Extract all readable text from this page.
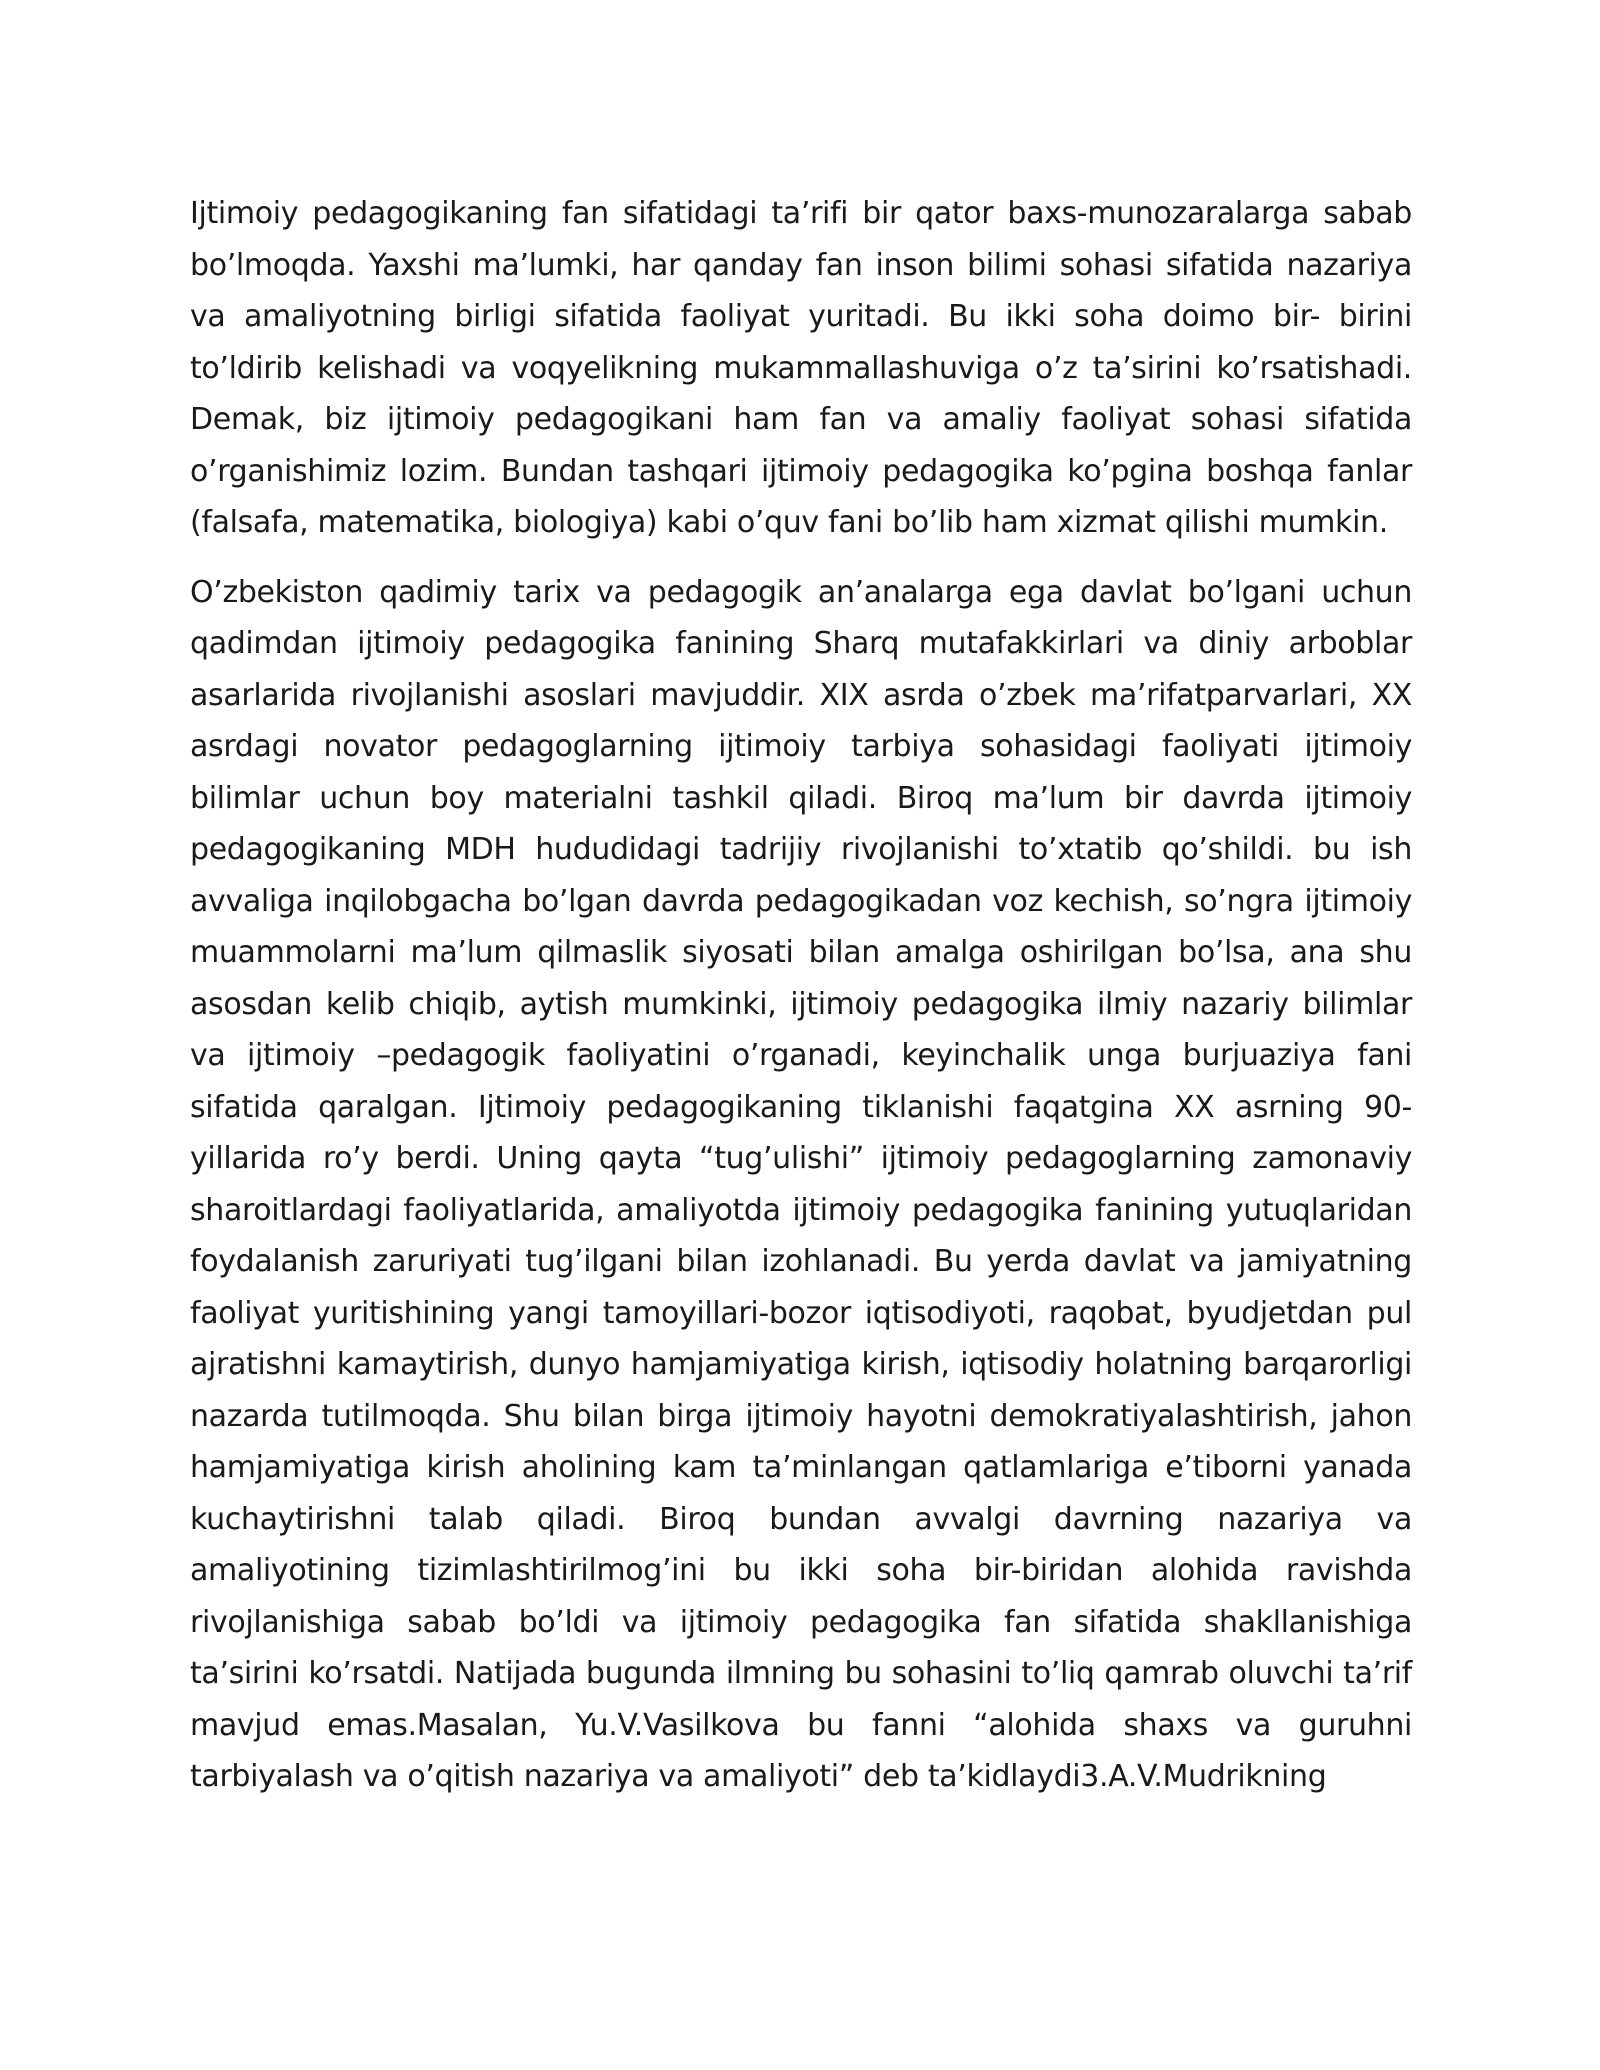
Ijtimoiy pedagogikaning fan sifatidagi ta’rifi bir qator baxs-munozaralarga sabab bo’lmoqda. Yaxshi ma’lumki, har qanday fan inson bilimi sohasi sifatida nazariya va amaliyotning birligi sifatida faoliyat yuritadi. Bu ikki soha doimo bir- birini to’ldirib kelishadi va voqyelikning mukammallashuviga o’z ta’sirini ko’rsatishadi. Demak, biz ijtimoiy pedagogikani ham fan va amaliy faoliyat sohasi sifatida o’rganishimiz lozim. Bundan tashqari ijtimoiy pedagogika ko’pgina boshqa fanlar (falsafa, matematika, biologiya) kabi o’quv fani bo’lib ham xizmat qilishi mumkin.

O’zbekiston qadimiy tarix va pedagogik an’analarga ega davlat bo’lgani uchun qadimdan ijtimoiy pedagogika fanining Sharq mutafakkirlari va diniy arboblar asarlarida rivojlanishi asoslari mavjuddir. XIX asrda o’zbek ma’rifatparvarlari, XX asrdagi novator pedagoglarning ijtimoiy tarbiya sohasidagi faoliyati ijtimoiy bilimlar uchun boy materialni tashkil qiladi. Biroq ma’lum bir davrda ijtimoiy pedagogikaning MDH hududidagi tadrijiy rivojlanishi to’xtatib qo’shildi. bu ish avvaliga inqilobgacha bo’lgan davrda pedagogikadan voz kechish, so’ngra ijtimoiy muammolarni ma’lum qilmaslik siyosati bilan amalga oshirilgan bo’lsa, ana shu asosdan kelib chiqib, aytish mumkinki, ijtimoiy pedagogika ilmiy nazariy bilimlar va ijtimoiy –pedagogik faoliyatini o’rganadi, keyinchalik unga burjuaziya fani sifatida qaralgan. Ijtimoiy pedagogikaning tiklanishi faqatgina XX asrning 90-yillarida ro’y berdi. Uning qayta “tug’ulishi” ijtimoiy pedagoglarning zamonaviy sharoitlardagi faoliyatlarida, amaliyotda ijtimoiy pedagogika fanining yutuqlaridan foydalanish zaruriyati tug’ilgani bilan izohlanadi. Bu yerda davlat va jamiyatning faoliyat yuritishining yangi tamoyillari-bozor iqtisodiyoti, raqobat, byudjetdan pul ajratishni kamaytirish, dunyo hamjamiyatiga kirish, iqtisodiy holatning barqarorligi nazarda tutilmoqda. Shu bilan birga ijtimoiy hayotni demokratiyalashtirish, jahon hamjamiyatiga kirish aholining kam ta’minlangan qatlamlariga e’tiborni yanada kuchaytirishni talab qiladi. Biroq bundan avvalgi davrning nazariya va amaliyotining tizimlashtirilmog’ini bu ikki soha bir-biridan alohida ravishda rivojlanishiga sabab bo’ldi va ijtimoiy pedagogika fan sifatida shakllanishiga ta’sirini ko’rsatdi. Natijada bugunda ilmning bu sohasini to’liq qamrab oluvchi ta’rif mavjud emas.Masalan, Yu.V.Vasilkova bu fanni “alohida shaxs va guruhni tarbiyalash va o’qitish nazariya va amaliyoti” deb ta’kidlaydi3.A.V.Mudrikning
